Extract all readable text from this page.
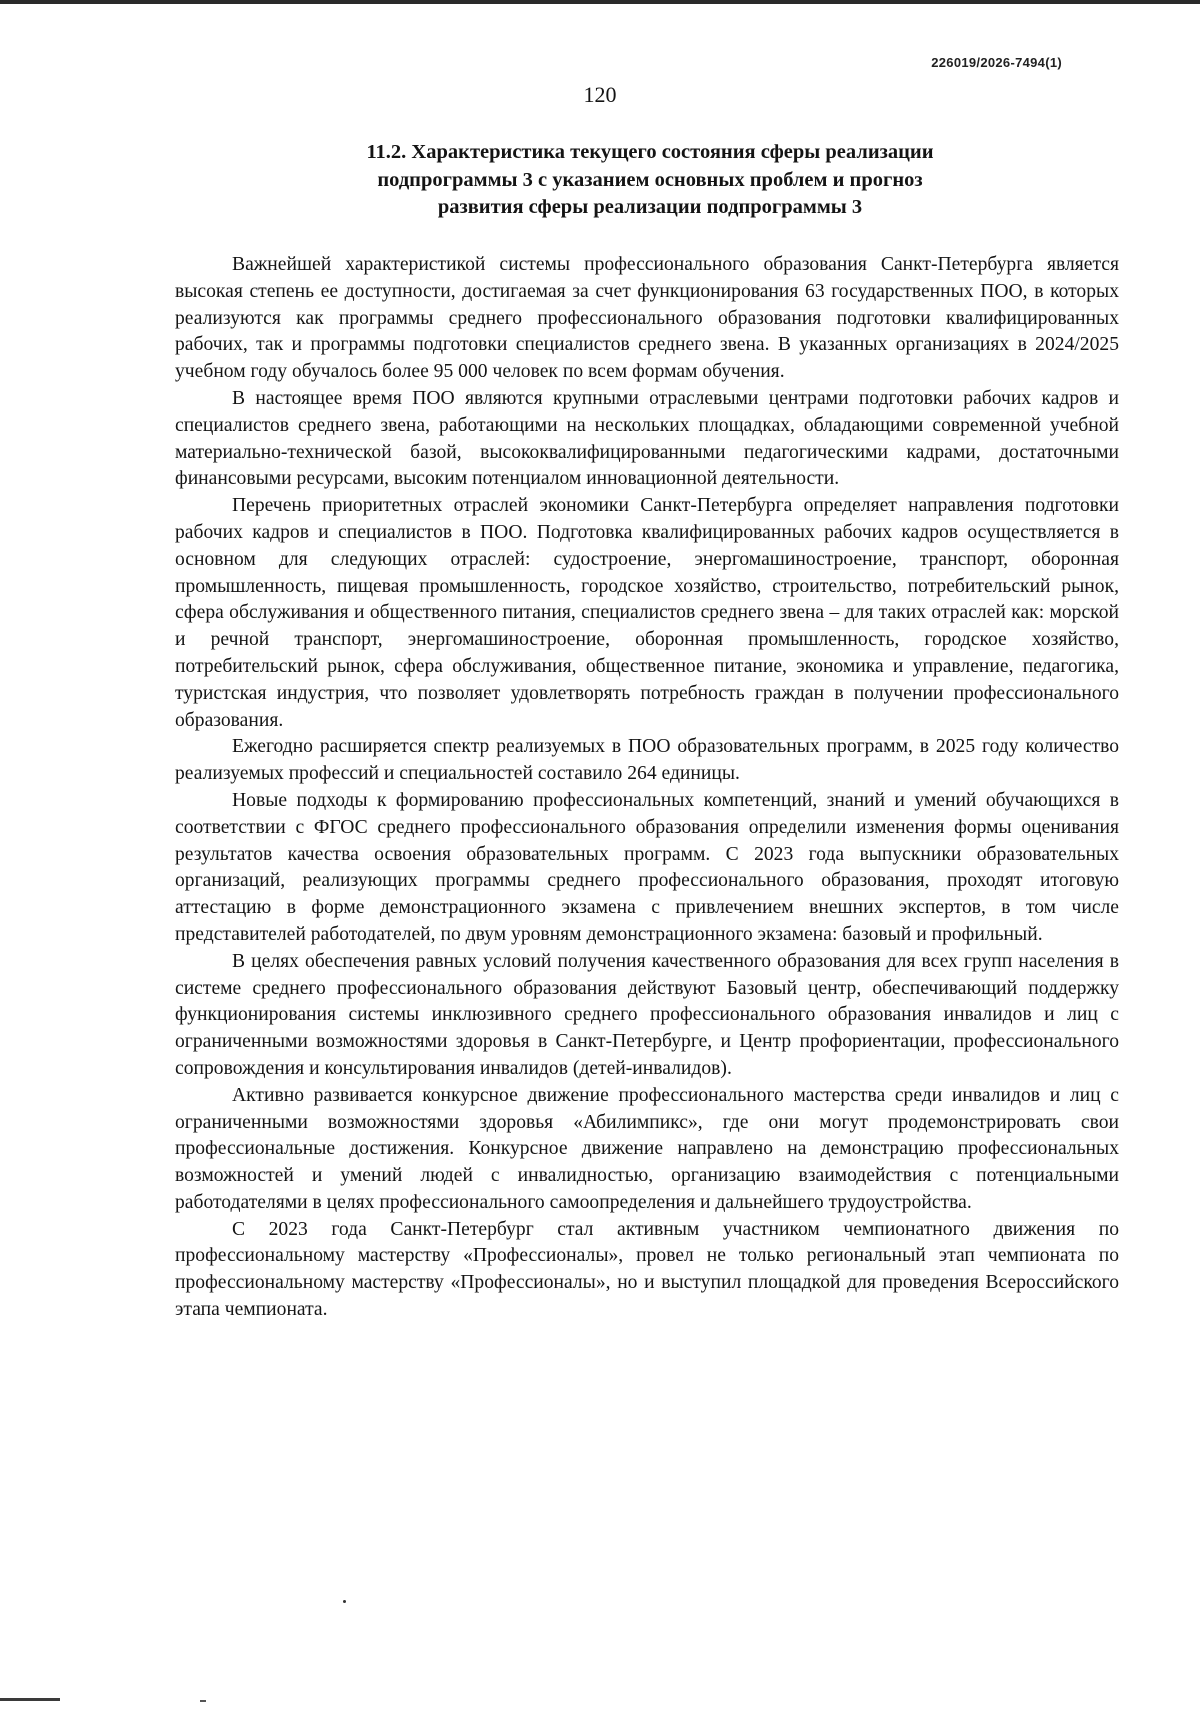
226019/2026-7494(1)
120
11.2. Характеристика текущего состояния сферы реализации
подпрограммы 3 с указанием основных проблем и прогноз
развития сферы реализации подпрограммы 3

Важнейшей характеристикой системы профессионального образования Санкт-Петербурга является высокая степень ее доступности, достигаемая за счет функционирования 63 государственных ПОО, в которых реализуются как программы среднего профессионального образования подготовки квалифицированных рабочих, так и программы подготовки специалистов среднего звена. В указанных организациях в 2024/2025 учебном году обучалось более 95 000 человек по всем формам обучения.

В настоящее время ПОО являются крупными отраслевыми центрами подготовки рабочих кадров и специалистов среднего звена, работающими на нескольких площадках, обладающими современной учебной материально-технической базой, высококвалифицированными педагогическими кадрами, достаточными финансовыми ресурсами, высоким потенциалом инновационной деятельности.

Перечень приоритетных отраслей экономики Санкт-Петербурга определяет направления подготовки рабочих кадров и специалистов в ПОО. Подготовка квалифицированных рабочих кадров осуществляется в основном для следующих отраслей: судостроение, энергомашиностроение, транспорт, оборонная промышленность, пищевая промышленность, городское хозяйство, строительство, потребительский рынок, сфера обслуживания и общественного питания, специалистов среднего звена – для таких отраслей как: морской и речной транспорт, энергомашиностроение, оборонная промышленность, городское хозяйство, потребительский рынок, сфера обслуживания, общественное питание, экономика и управление, педагогика, туристская индустрия, что позволяет удовлетворять потребность граждан в получении профессионального образования.

Ежегодно расширяется спектр реализуемых в ПОО образовательных программ, в 2025 году количество реализуемых профессий и специальностей составило 264 единицы.

Новые подходы к формированию профессиональных компетенций, знаний и умений обучающихся в соответствии с ФГОС среднего профессионального образования определили изменения формы оценивания результатов качества освоения образовательных программ. С 2023 года выпускники образовательных организаций, реализующих программы среднего профессионального образования, проходят итоговую аттестацию в форме демонстрационного экзамена с привлечением внешних экспертов, в том числе представителей работодателей, по двум уровням демонстрационного экзамена: базовый и профильный.

В целях обеспечения равных условий получения качественного образования для всех групп населения в системе среднего профессионального образования действуют Базовый центр, обеспечивающий поддержку функционирования системы инклюзивного среднего профессионального образования инвалидов и лиц с ограниченными возможностями здоровья в Санкт-Петербурге, и Центр профориентации, профессионального сопровождения и консультирования инвалидов (детей-инвалидов).

Активно развивается конкурсное движение профессионального мастерства среди инвалидов и лиц с ограниченными возможностями здоровья «Абилимпикс», где они могут продемонстрировать свои профессиональные достижения. Конкурсное движение направлено на демонстрацию профессиональных возможностей и умений людей с инвалидностью, организацию взаимодействия с потенциальными работодателями в целях профессионального самоопределения и дальнейшего трудоустройства.

С 2023 года Санкт-Петербург стал активным участником чемпионатного движения по профессиональному мастерству «Профессионалы», провел не только региональный этап чемпионата по профессиональному мастерству «Профессионалы», но и выступил площадкой для проведения Всероссийского этапа чемпионата.
